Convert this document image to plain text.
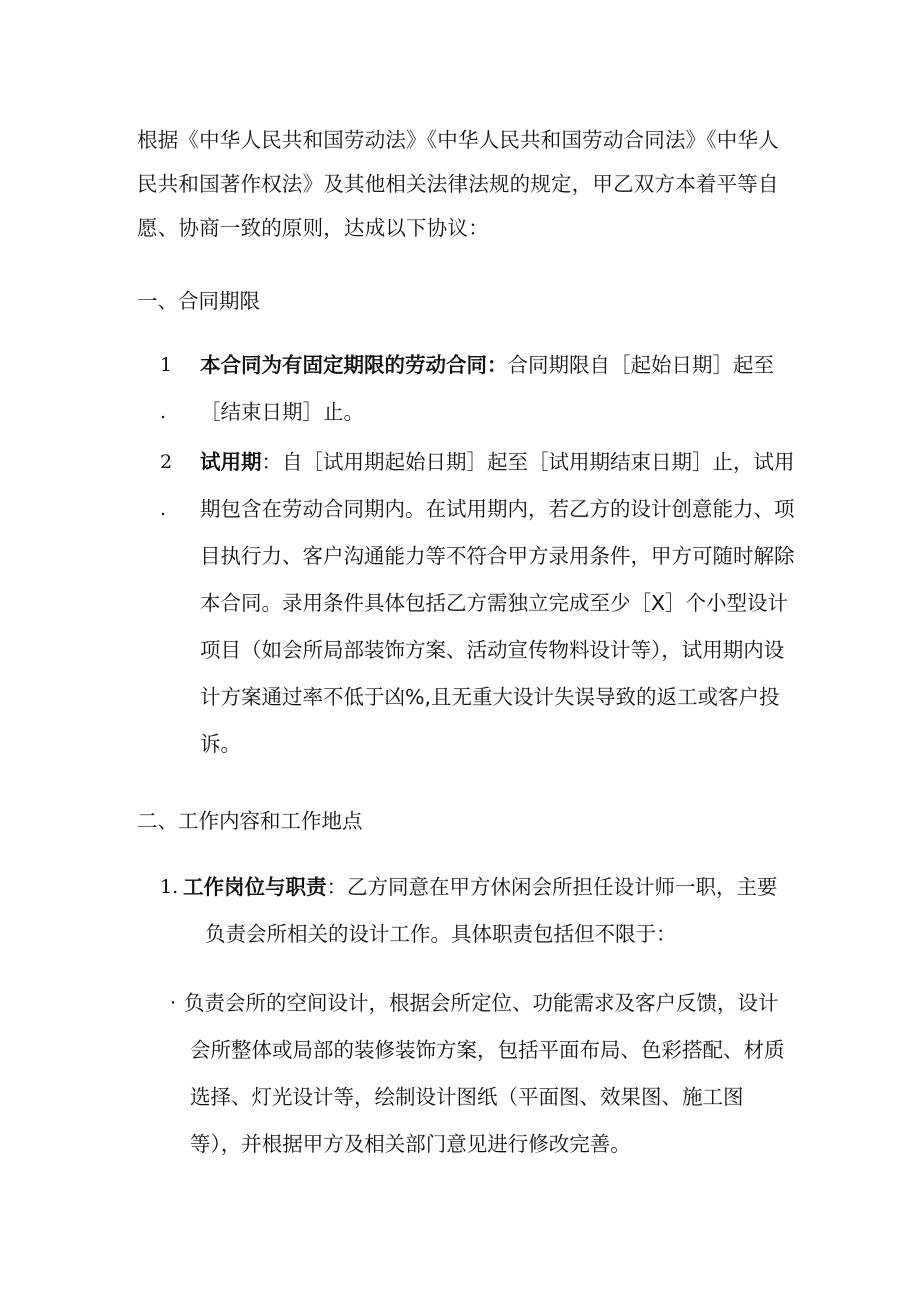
根据《中华人民共和国劳动法》《中华人民共和国劳动合同法》《中华人
民共和国著作权法》及其他相关法律法规的规定，甲乙双方本着平等自
愿、协商一致的原则，达成以下协议：
一、合同期限
1 .
本合同为有固定期限的劳动合同：合同期限自［起始日期］起至
［结束日期］止。
2 .
试用期：自［试用期起始日期］起至［试用期结束日期］止，试用
期包含在劳动合同期内。在试用期内，若乙方的设计创意能力、项
目执行力、客户沟通能力等不符合甲方录用条件，甲方可随时解除
本合同。录用条件具体包括乙方需独立完成至少［X］个小型设计
项目（如会所局部装饰方案、活动宣传物料设计等），试用期内设
计方案通过率不低于凶%,且无重大设计失误导致的返工或客户投
诉。
二、工作内容和工作地点
1. 工作岗位与职责：乙方同意在甲方休闲会所担任设计师一职，主要
负责会所相关的设计工作。具体职责包括但不限于：
· 负责会所的空间设计，根据会所定位、功能需求及客户反馈，设计
会所整体或局部的装修装饰方案，包括平面布局、色彩搭配、材质
选择、灯光设计等，绘制设计图纸（平面图、效果图、施工图
等），并根据甲方及相关部门意见进行修改完善。
